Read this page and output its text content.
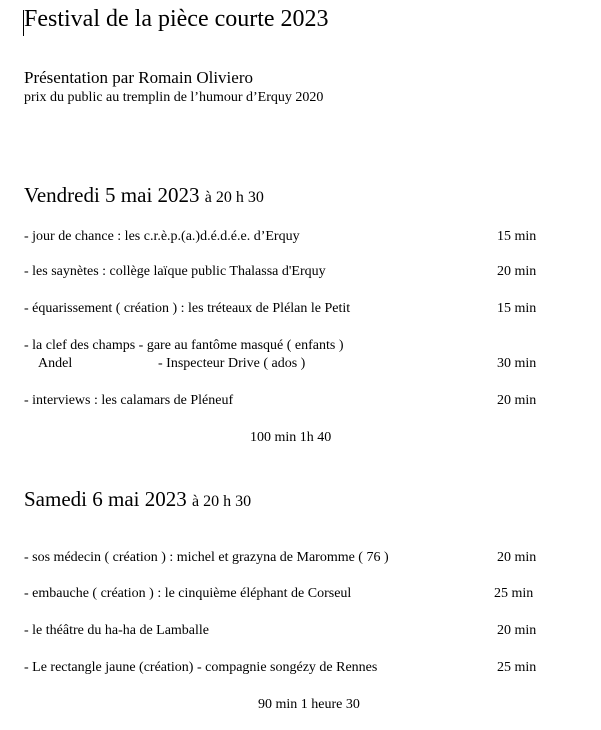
Festival de la pièce courte 2023
Présentation par Romain Oliviero
prix du public au tremplin de l’humour d’Erquy 2020
Vendredi 5 mai 2023 à 20 h 30
- jour de chance : les c.r.è.p.(a.)d.é.d.é.e. d’Erquy	15 min
- les saynètes : collège laïque public Thalassa d'Erquy	20 min
- équarissement ( création ) : les tréteaux de Plélan le Petit	15 min
- la clef des champs - gare au fantôme masqué ( enfants )
Andel	- Inspecteur Drive ( ados )	30 min
- interviews : les calamars de Pléneuf	20 min
100 min 1h 40
Samedi 6 mai 2023 à 20 h 30
- sos médecin ( création ) : michel et grazyna de Maromme ( 76 )	20 min
- embauche ( création ) : le cinquième éléphant de Corseul	25 min
- le théâtre du ha-ha de Lamballe	20 min
- Le rectangle jaune (création) - compagnie songézy de Rennes	25 min
90 min 1 heure 30
